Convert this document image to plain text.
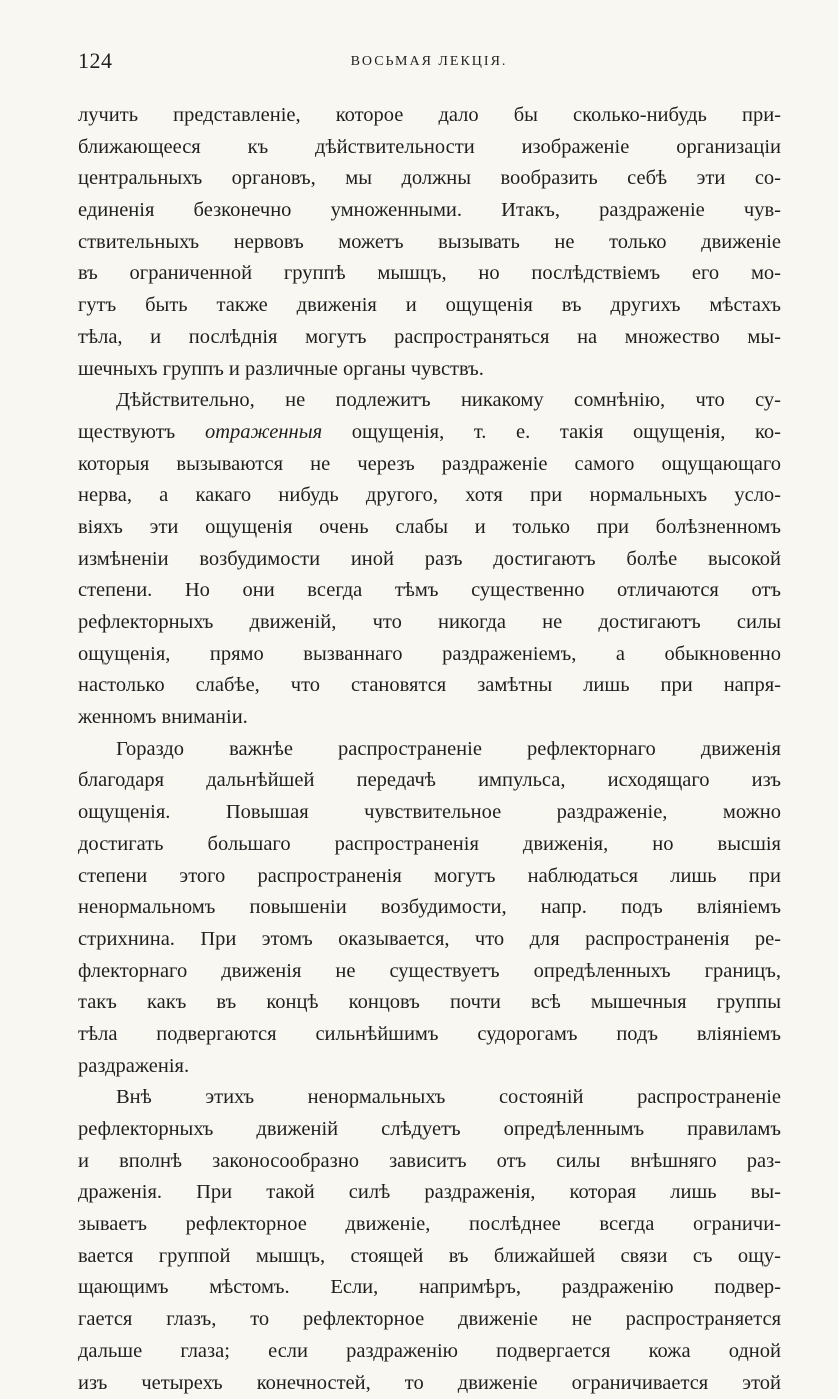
124	ВОСЬМАЯ ЛЕКЦІЯ.
лучить представленіе, которое дало бы сколько-нибудь при-
ближающееся къ дѣйствительности изображеніе организаціи
центральныхъ органовъ, мы должны вообразить себѣ эти со-
единенія безконечно умноженными. Итакъ, раздраженіе чув-
ствительныхъ нервовъ можетъ вызывать не только движеніе
въ ограниченной группѣ мышцъ, но послѣдствіемъ его мо-
гутъ быть также движенія и ощущенія въ другихъ мѣстахъ
тѣла, и послѣднія могутъ распространяться на множество мы-
шечныхъ группъ и различные органы чувствъ.
Дѣйствительно, не подлежитъ никакому сомнѣнію, что су-
ществуютъ отраженныя ощущенія, т. е. такія ощущенія, ко-
которыя вызываются не черезъ раздраженіе самого ощущающаго
нерва, а какаго нибудь другого, хотя при нормальныхъ усло-
віяхъ эти ощущенія очень слабы и только при болѣзненномъ
измѣненіи возбудимости иной разъ достигаютъ болѣе высокой
степени. Но они всегда тѣмъ существенно отличаются отъ
рефлекторныхъ движеній, что никогда не достигаютъ силы
ощущенія, прямо вызваннаго раздраженіемъ, а обыкновенно
настолько слабѣе, что становятся замѣтны лишь при напря-
женномъ вниманіи.
Гораздо важнѣе распространеніе рефлекторнаго движенія
благодаря дальнѣйшей передачѣ импульса, исходящаго изъ
ощущенія. Повышая чувствительное раздраженіе, можно
достигать большаго распространенія движенія, но высшія
степени этого распространенія могутъ наблюдаться лишь при
ненормальномъ повышеніи возбудимости, напр. подъ вліяніемъ
стрихнина. При этомъ оказывается, что для распространенія ре-
флекторнаго движенія не существуетъ опредѣленныхъ границъ,
такъ какъ въ концѣ концовъ почти всѣ мышечныя группы
тѣла подвергаются сильнѣйшимъ судорогамъ подъ вліяніемъ
раздраженія.
Внѣ этихъ ненормальныхъ состояній распространеніе
рефлекторныхъ движеній слѣдуетъ опредѣленнымъ правиламъ
и вполнѣ законосообразно зависитъ отъ силы внѣшняго раз-
драженія. При такой силѣ раздраженія, которая лишь вы-
зываетъ рефлекторное движеніе, послѣднее всегда ограничи-
вается группой мышцъ, стоящей въ ближайшей связи съ ощу-
щающимъ мѣстомъ. Если, напримѣръ, раздраженію подвер-
гается глазъ, то рефлекторное движеніе не распространяется
дальше глаза; если раздраженію подвергается кожа одной
изъ четырехъ конечностей, то движеніе ограничивается этой
